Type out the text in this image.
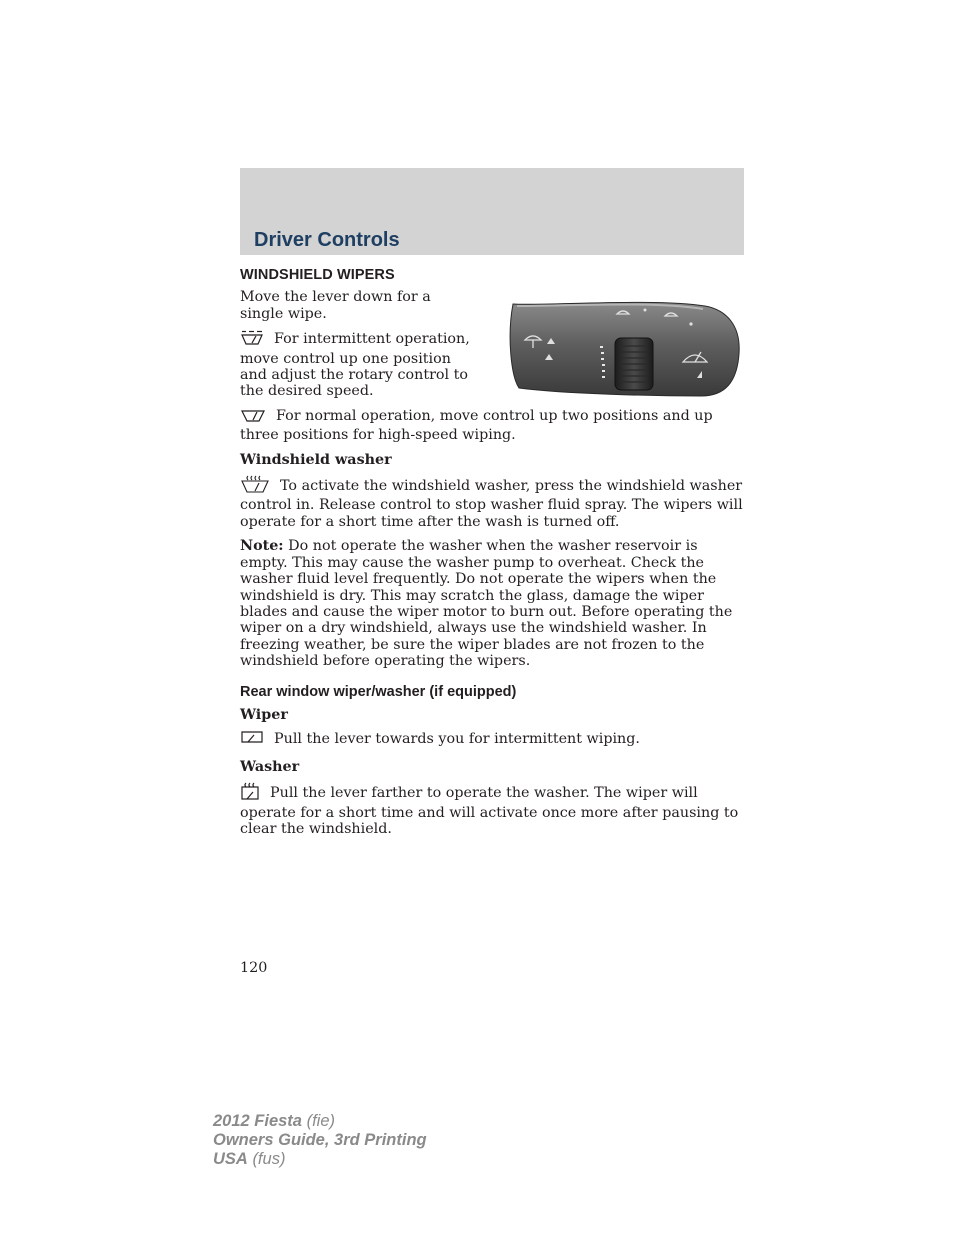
Driver Controls
WINDSHIELD WIPERS

Move the lever down for a single wipe.

For intermittent operation, move control up one position and adjust the rotary control to the desired speed.

For normal operation, move control up two positions and up three positions for high-speed wiping.

Windshield washer

To activate the windshield washer, press the windshield washer control in. Release control to stop washer fluid spray. The wipers will operate for a short time after the wash is turned off.

Note: Do not operate the washer when the washer reservoir is empty. This may cause the washer pump to overheat. Check the washer fluid level frequently. Do not operate the wipers when the windshield is dry. This may scratch the glass, damage the wiper blades and cause the wiper motor to burn out. Before operating the wiper on a dry windshield, always use the windshield washer. In freezing weather, be sure the wiper blades are not frozen to the windshield before operating the wipers.

Rear window wiper/washer (if equipped)
Wiper

Pull the lever towards you for intermittent wiping.

Washer

Pull the lever farther to operate the washer. The wiper will operate for a short time and will activate once more after pausing to clear the windshield.

120
2012 Fiesta (fie)
Owners Guide, 3rd Printing
USA (fus)
